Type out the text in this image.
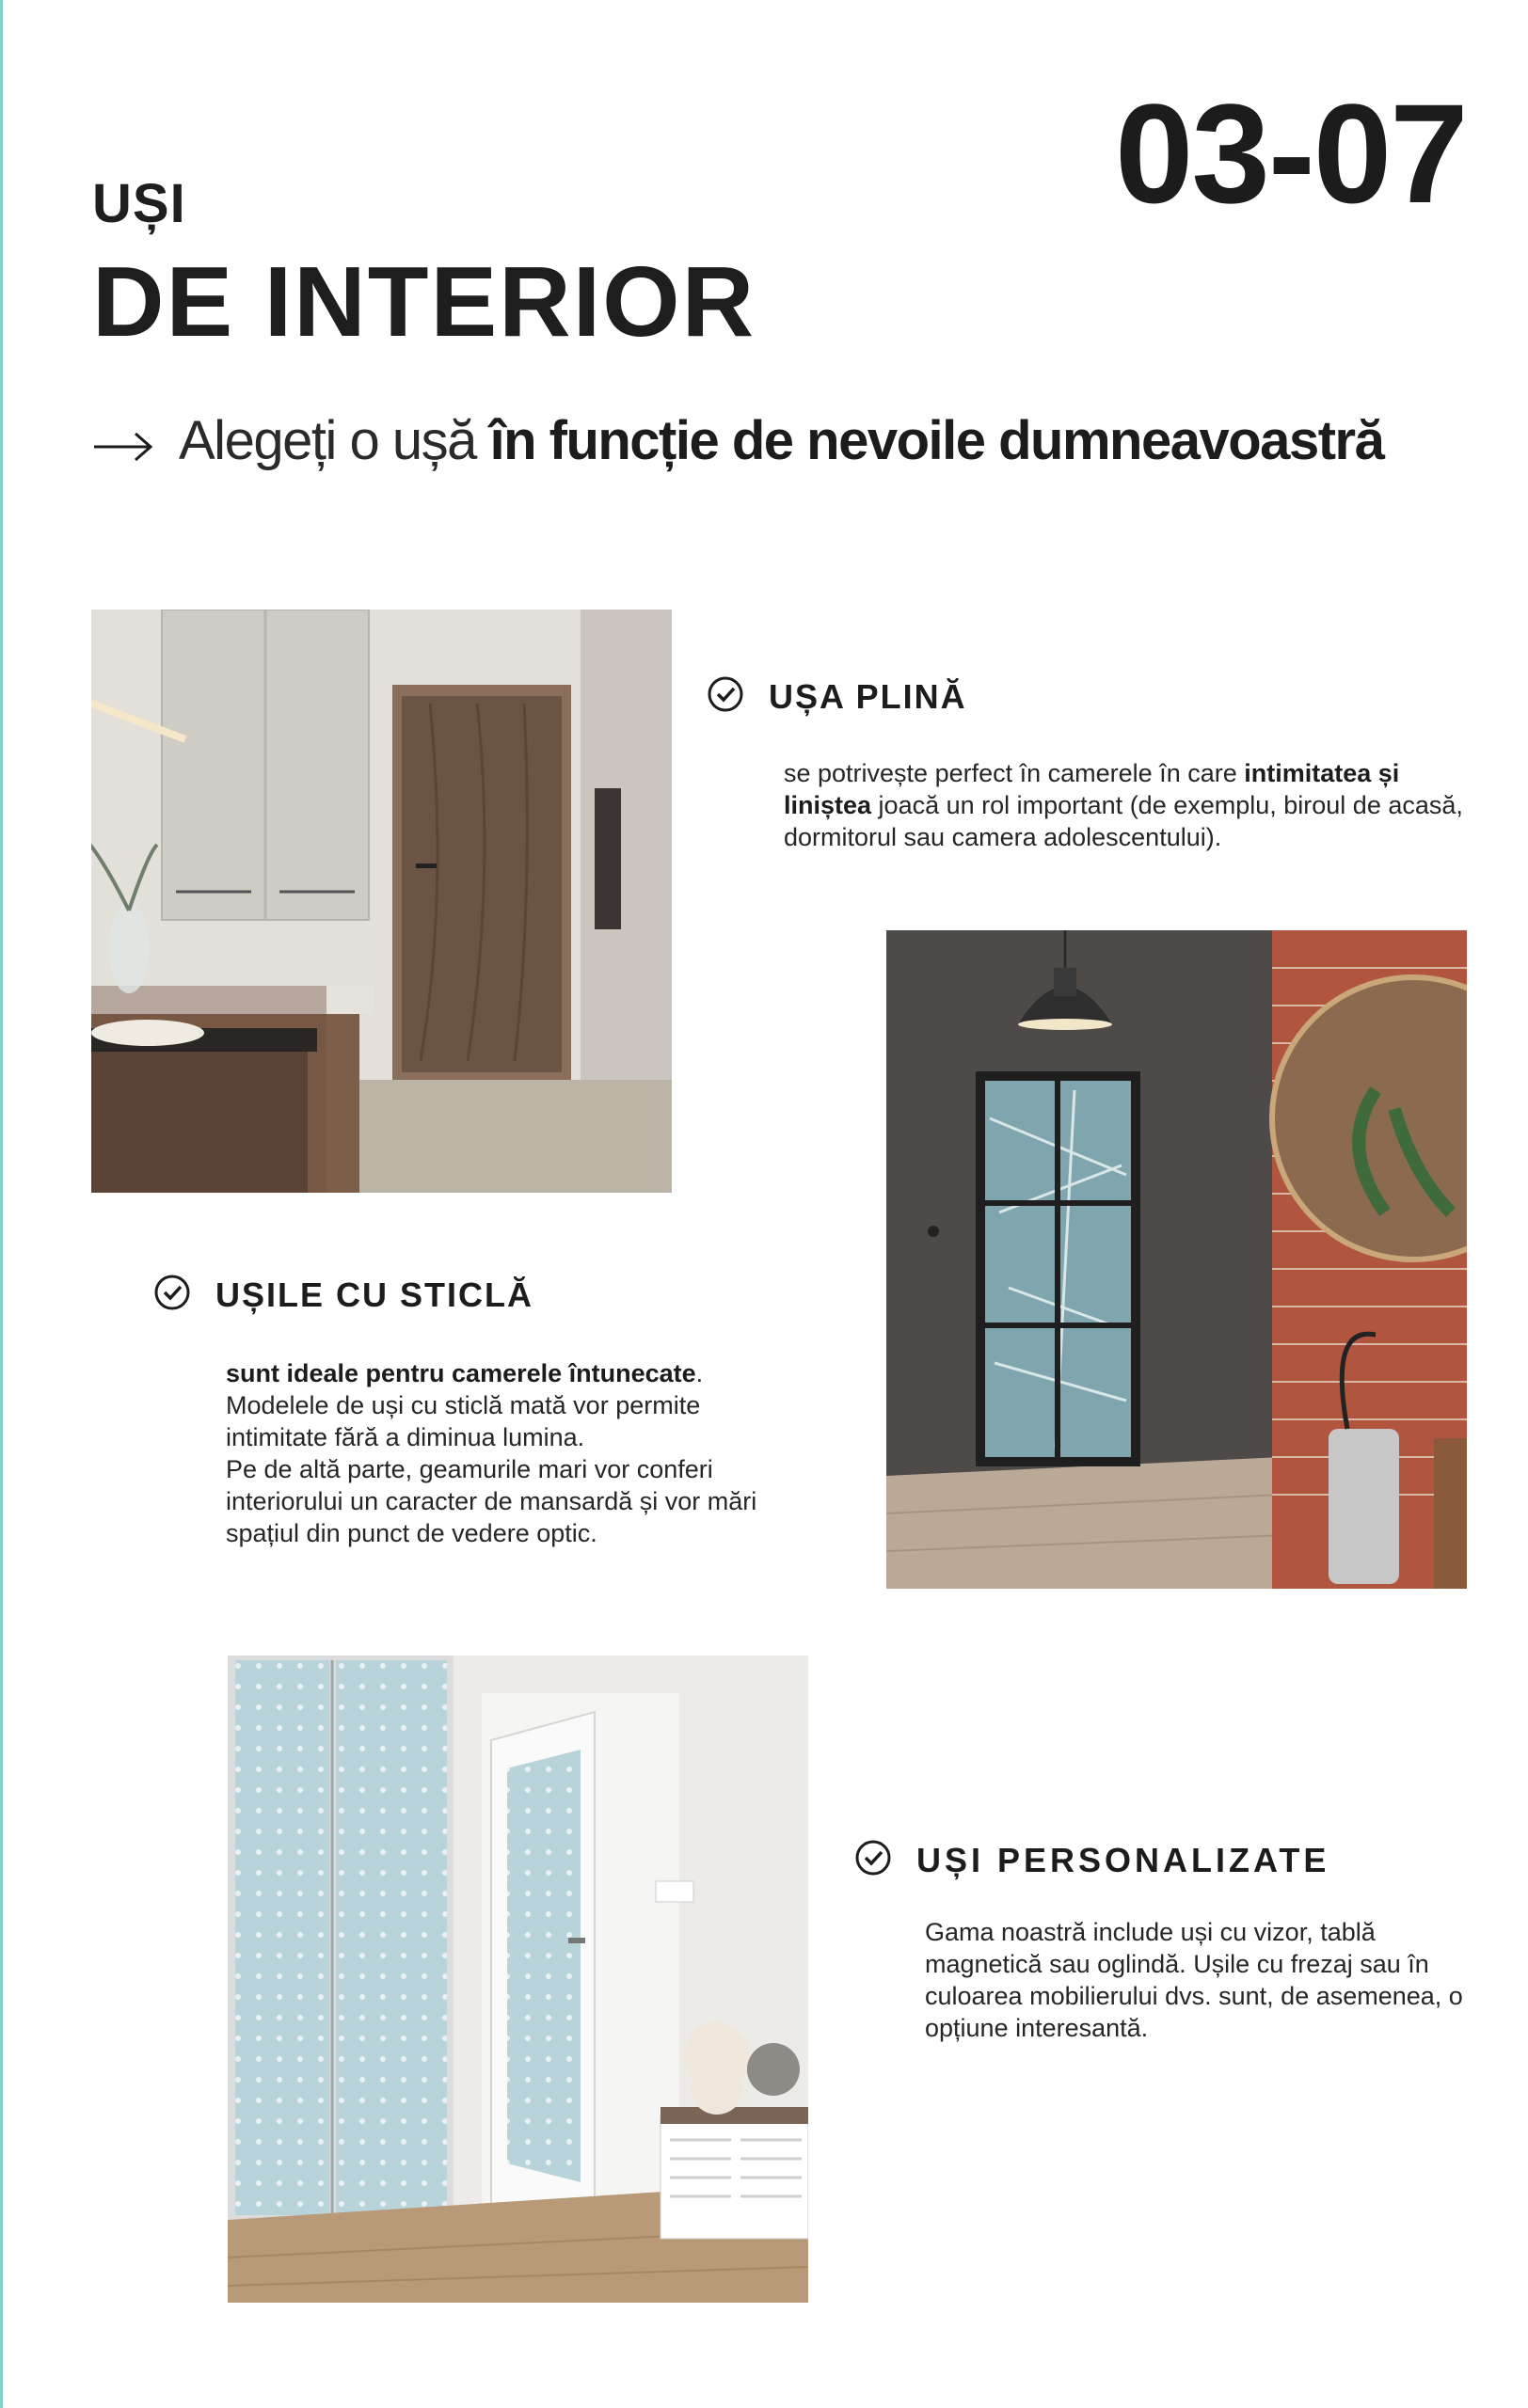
03-07
UȘI
DE INTERIOR
Alegeți o ușă în funcție de nevoile dumneavoastră
UȘA PLINĂ
se potrivește perfect în camerele în care intimitatea și liniștea joacă un rol important (de exemplu, biroul de acasă, dormitorul sau camera adolescentului).
UȘILE CU STICLĂ
sunt ideale pentru camerele întunecate. Modelele de uși cu sticlă mată vor permite intimitate fără a diminua lumina.
Pe de altă parte, geamurile mari vor conferi interiorului un caracter de mansardă și vor mări spațiul din punct de vedere optic.
UȘI PERSONALIZATE
Gama noastră include uși cu vizor, tablă magnetică sau oglindă. Ușile cu frezaj sau în culoarea mobilierului dvs. sunt, de asemenea, o opțiune interesantă.
